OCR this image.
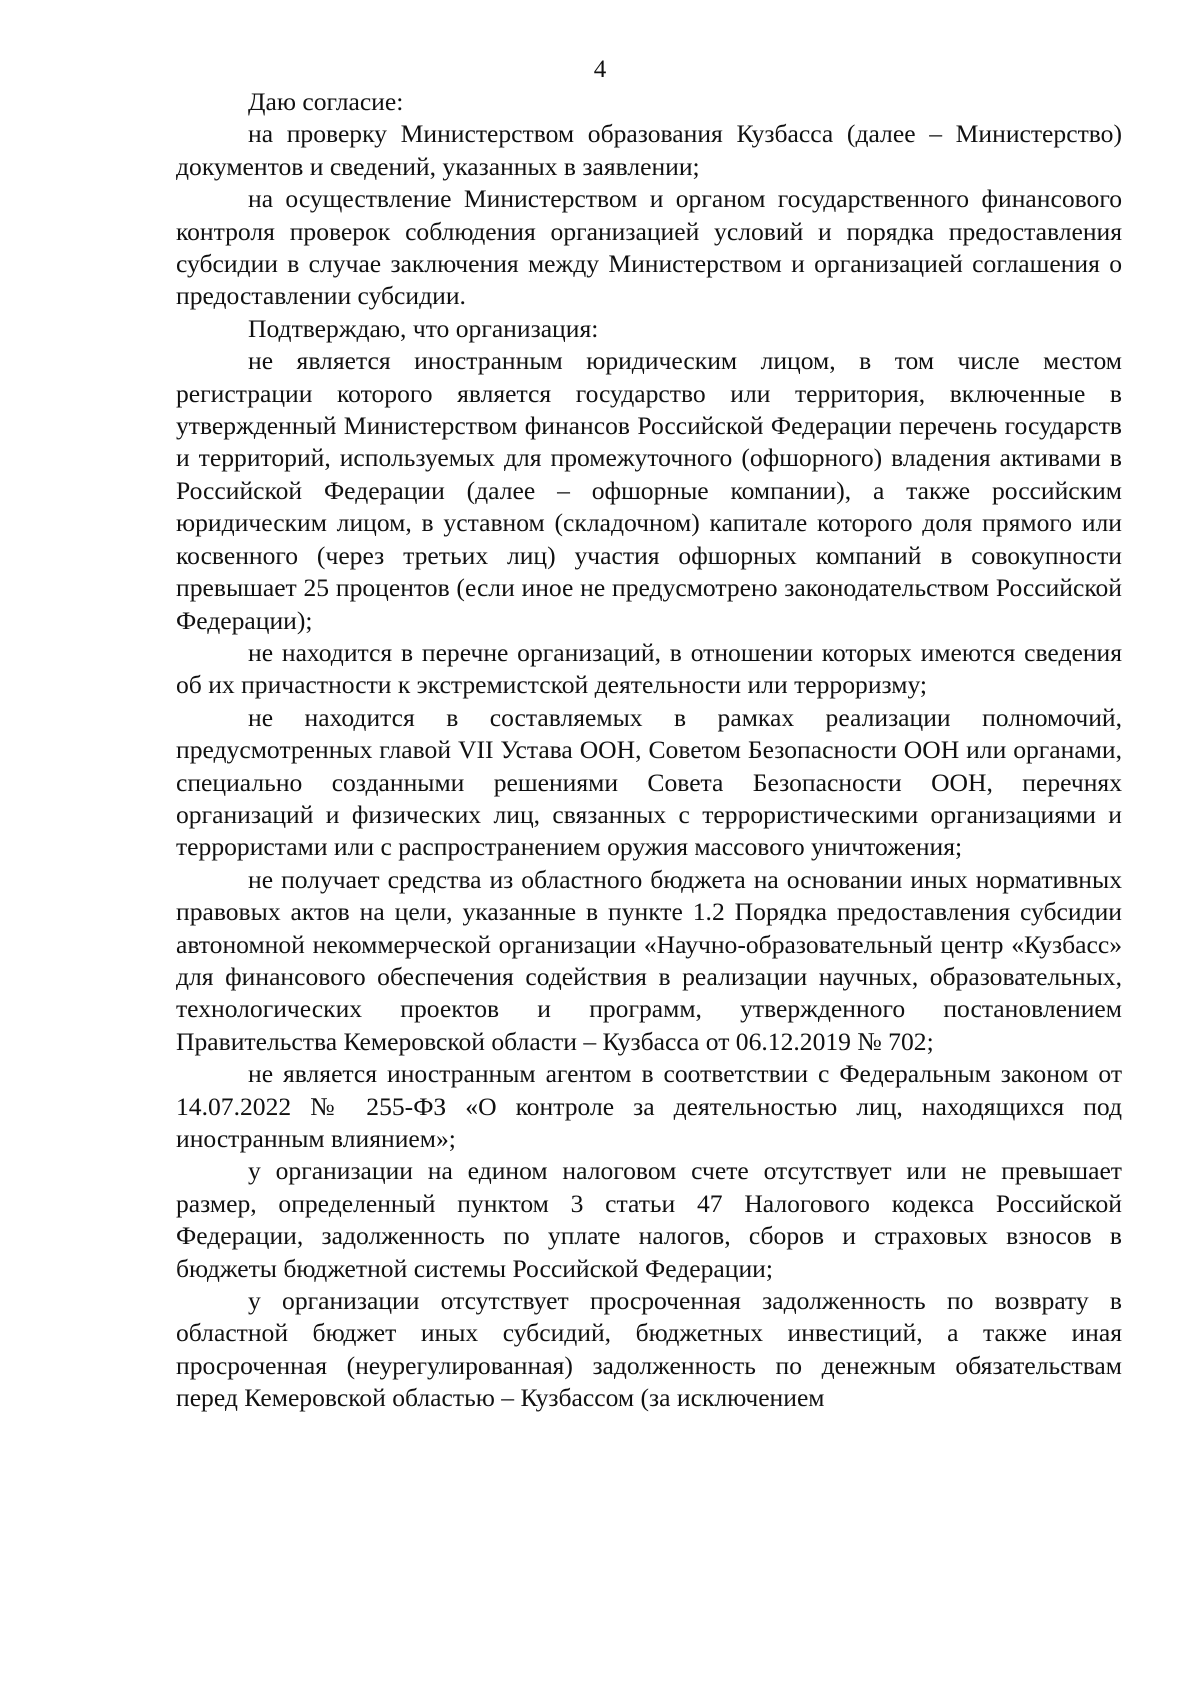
4

Даю согласие:

на проверку Министерством образования Кузбасса (далее – Министерство) документов и сведений, указанных в заявлении;

на осуществление Министерством и органом государственного финансового контроля проверок соблюдения организацией условий и порядка предоставления субсидии в случае заключения между Министерством и организацией соглашения о предоставлении субсидии.

Подтверждаю, что организация:

не является иностранным юридическим лицом, в том числе местом регистрации которого является государство или территория, включенные в утвержденный Министерством финансов Российской Федерации перечень государств и территорий, используемых для промежуточного (офшорного) владения активами в Российской Федерации (далее – офшорные компании), а также российским юридическим лицом, в уставном (складочном) капитале которого доля прямого или косвенного (через третьих лиц) участия офшорных компаний в совокупности превышает 25 процентов (если иное не предусмотрено законодательством Российской Федерации);

не находится в перечне организаций, в отношении которых имеются сведения об их причастности к экстремистской деятельности или терроризму;

не находится в составляемых в рамках реализации полномочий, предусмотренных главой VII Устава ООН, Советом Безопасности ООН или органами, специально созданными решениями Совета Безопасности ООН, перечнях организаций и физических лиц, связанных с террористическими организациями и террористами или с распространением оружия массового уничтожения;

не получает средства из областного бюджета на основании иных нормативных правовых актов на цели, указанные в пункте 1.2 Порядка предоставления субсидии автономной некоммерческой организации «Научно-образовательный центр «Кузбасс» для финансового обеспечения содействия в реализации научных, образовательных, технологических проектов и программ, утвержденного постановлением Правительства Кемеровской области – Кузбасса от 06.12.2019 № 702;

не является иностранным агентом в соответствии с Федеральным законом от 14.07.2022 № 255-ФЗ «О контроле за деятельностью лиц, находящихся под иностранным влиянием»;

у организации на едином налоговом счете отсутствует или не превышает размер, определенный пунктом 3 статьи 47 Налогового кодекса Российской Федерации, задолженность по уплате налогов, сборов и страховых взносов в бюджеты бюджетной системы Российской Федерации;

у организации отсутствует просроченная задолженность по возврату в областной бюджет иных субсидий, бюджетных инвестиций, а также иная просроченная (неурегулированная) задолженность по денежным обязательствам перед Кемеровской областью – Кузбассом (за исключением
